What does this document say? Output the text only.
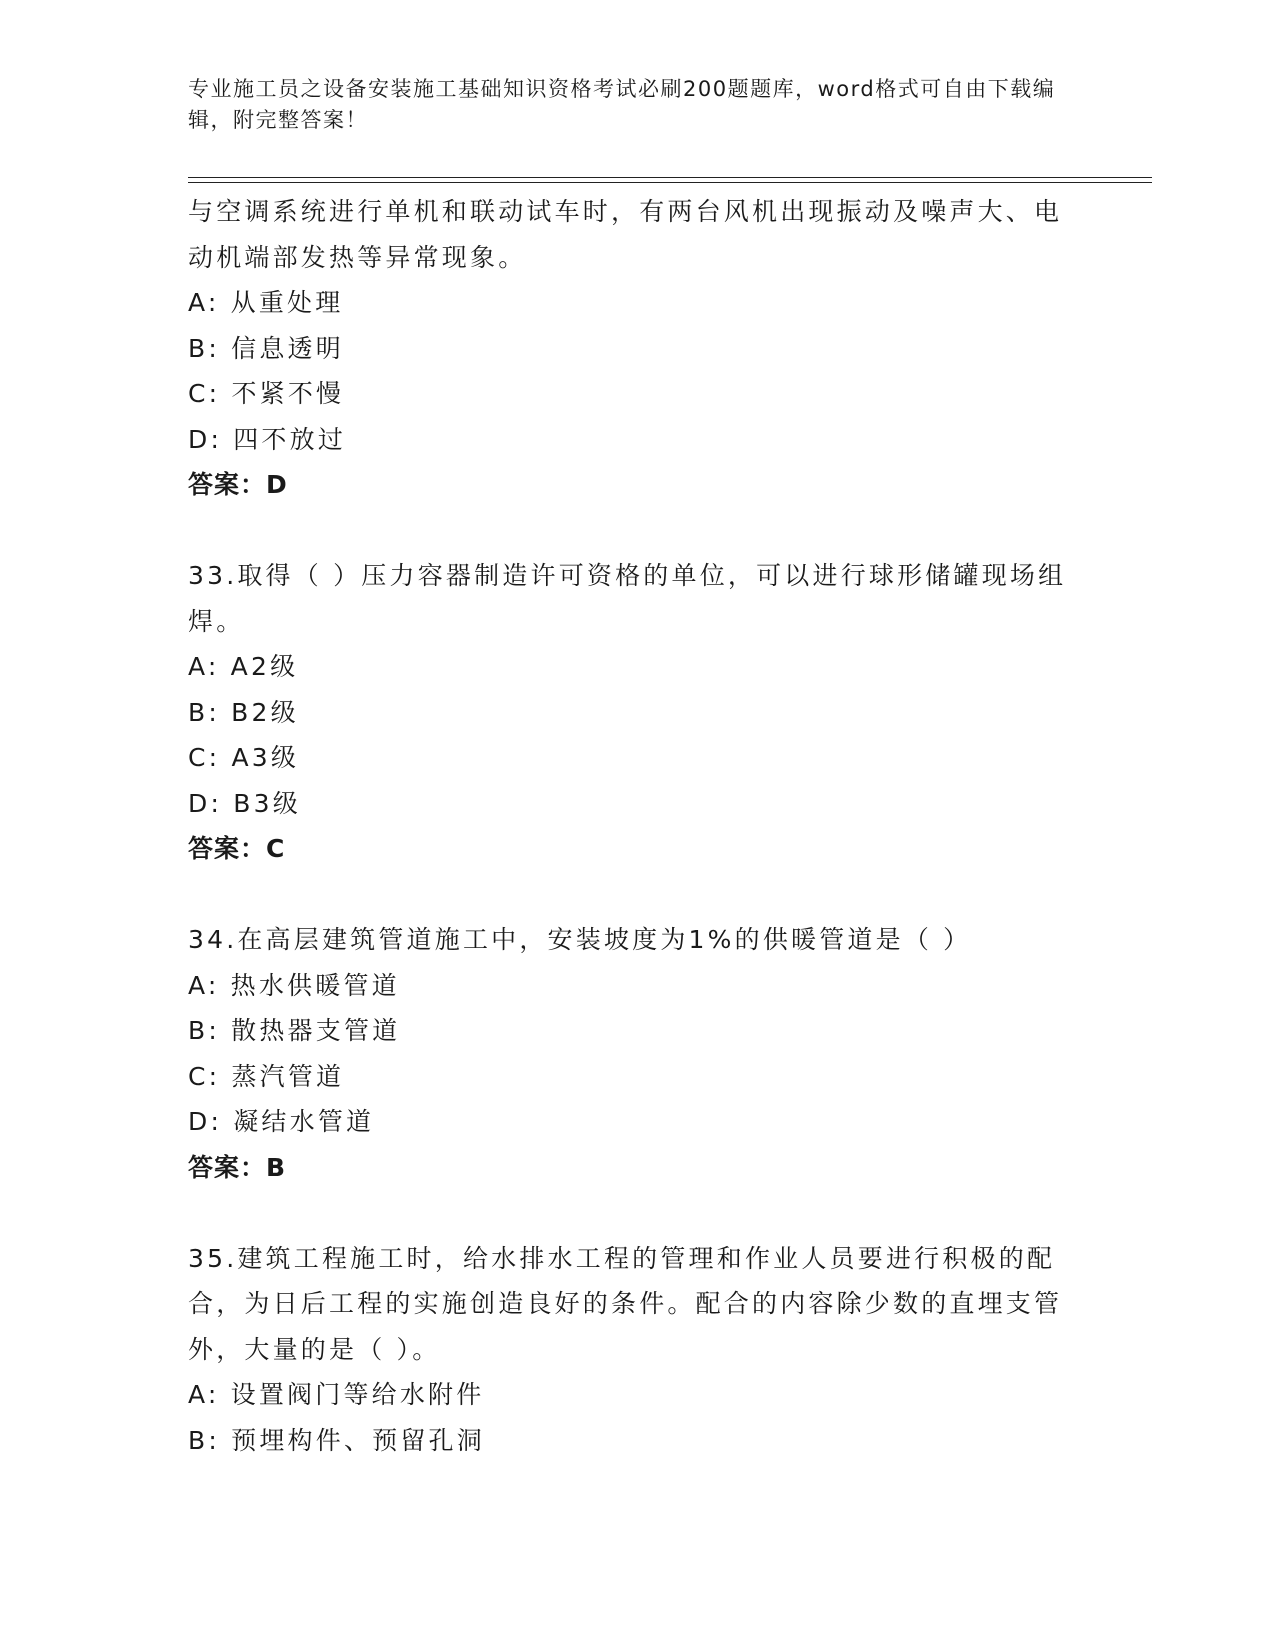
专业施工员之设备安装施工基础知识资格考试必刷200题题库，word格式可自由下载编辑，附完整答案！

与空调系统进行单机和联动试车时，有两台风机出现振动及噪声大、电动机端部发热等异常现象。

A: 从重处理

B: 信息透明

C: 不紧不慢

D: 四不放过

答案：D

33.取得（ ）压力容器制造许可资格的单位，可以进行球形储罐现场组焊。

A: A2级

B: B2级

C: A3级

D: B3级

答案：C

34.在高层建筑管道施工中，安装坡度为1%的供暖管道是（ ）

A: 热水供暖管道

B: 散热器支管道

C: 蒸汽管道

D: 凝结水管道

答案：B

35.建筑工程施工时，给水排水工程的管理和作业人员要进行积极的配合，为日后工程的实施创造良好的条件。配合的内容除少数的直埋支管外，大量的是（ ）。

A: 设置阀门等给水附件

B: 预埋构件、预留孔洞
